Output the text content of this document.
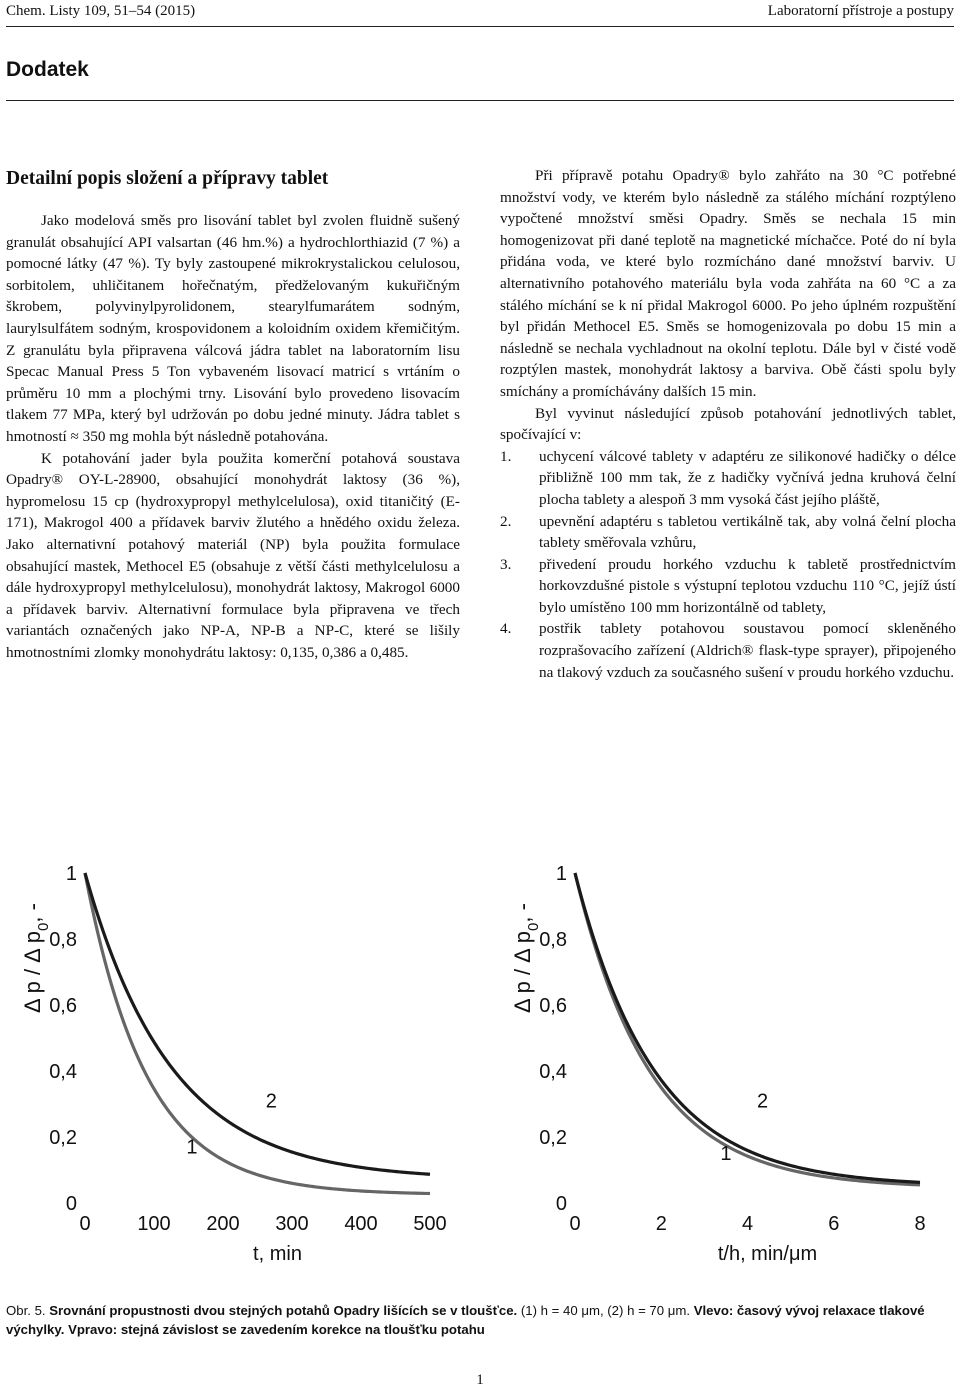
Chem. Listy 109, 51–54 (2015)	Laboratorní přístroje a postupy
Dodatek
Detailní popis složení a přípravy tablet

Jako modelová směs pro lisování tablet byl zvolen fluidně sušený granulát obsahující API valsartan (46 hm.%) a hydrochlorthiazid (7 %) a pomocné látky (47 %). Ty byly zastoupené mikrokrystalickou celulosou, sorbitolem, uhličitanem hořečnatým, předželovaným kukuřičným škrobem, polyvinylpyrolidonem, stearylfumarátem sodným, laurylsulfátem sodným, krospovidonem a koloidním oxidem křemičitým. Z granulátu byla připravena válcová jádra tablet na laboratorním lisu Specac Manual Press 5 Ton vybaveném lisovací matricí s vrtáním o průměru 10 mm a plochými trny. Lisování bylo provedeno lisovacím tlakem 77 MPa, který byl udržován po dobu jedné minuty. Jádra tablet s hmotností ≈ 350 mg mohla být následně potahována.

K potahování jader byla použita komerční potahová soustava Opadry® OY-L-28900, obsahující monohydrát laktosy (36 %), hypromelosu 15 cp (hydroxypropyl methylcelulosa), oxid titaničitý (E-171), Makrogol 400 a přídavek barviv žlutého a hnědého oxidu železa. Jako alternativní potahový materiál (NP) byla použita formulace obsahující mastek, Methocel E5 (obsahuje z větší části methylcelulosu a dále hydroxypropyl methylcelulosu), monohydrát laktosy, Makrogol 6000 a přídavek barviv. Alternativní formulace byla připravena ve třech variantách označených jako NP-A, NP-B a NP-C, které se lišily hmotnostními zlomky monohydrátu laktosy: 0,135, 0,386 a 0,485.

Při přípravě potahu Opadry® bylo zahřáto na 30 °C potřebné množství vody, ve kterém bylo následně za stálého míchání rozptýleno vypočtené množství směsi Opadry. Směs se nechala 15 min homogenizovat při dané teplotě na magnetické míchačce. Poté do ní byla přidána voda, ve které bylo rozmícháno dané množství barviv. U alternativního potahového materiálu byla voda zahřáta na 60 °C a za stálého míchání se k ní přidal Makrogol 6000. Po jeho úplném rozpuštění byl přidán Methocel E5. Směs se homogenizovala po dobu 15 min a následně se nechala vychladnout na okolní teplotu. Dále byl v čisté vodě rozptýlen mastek, monohydrát laktosy a barviva. Obě části spolu byly smíchány a promíchávány dalších 15 min.

Byl vyvinut následující způsob potahování jednotlivých tablet, spočívající v:

1. uchycení válcové tablety v adaptéru ze silikonové hadičky o délce přibližně 100 mm tak, že z hadičky vyčnívá jedna kruhová čelní plocha tablety a alespoň 3 mm vysoká část jejího pláště,
2. upevnění adaptéru s tabletou vertikálně tak, aby volná čelní plocha tablety směřovala vzhůru,
3. přivedení proudu horkého vzduchu k tabletě prostřednictvím horkovzdušné pistole s výstupní teplotou vzduchu 110 °C, jejíž ústí bylo umístěno 100 mm horizontálně od tablety,
4. postřik tablety potahovou soustavou pomocí skleněného rozprašovacího zařízení (Aldrich® flask-type sprayer), připojeného na tlakový vzduch za současného sušení v proudu horkého vzduchu.
0
0,2
0,4
0,6
0,8
1
0 100 200 300 400 500
t, min
Δ p / Δ $p_0$, -
1
2
0
0,2
0,4
0,6
0,8
1
0	2	4	6	8
t/h, min/μm
Δ p / Δ $p_0$, -
1
2
Obr. 5. Srovnání propustnosti dvou stejných potahů Opadry lišících se v tloušťce. (1) h = 40 μm, (2) h = 70 μm. Vlevo: časový vývoj relaxace tlakové výchylky. Vpravo: stejná závislost se zavedením korekce na tloušťku potahu
1
